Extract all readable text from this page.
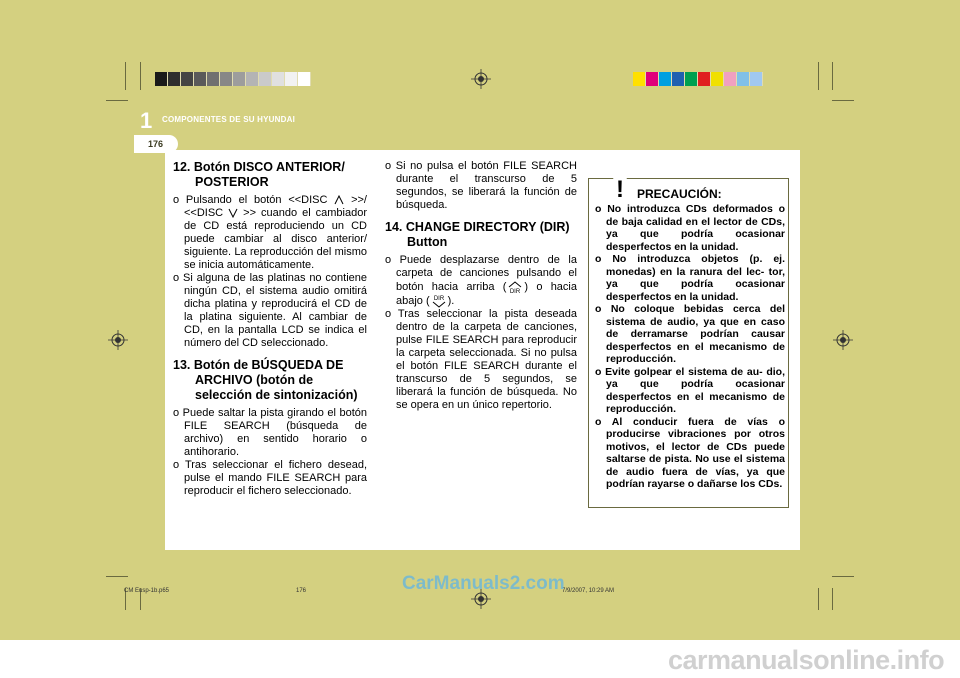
1 COMPONENTES DE SU HYUNDAI
176
12. Botón DISCO ANTERIOR/ POSTERIOR
o Pulsando el botón <<DISC >>/ <<DISC >> cuando el cambiador de CD está reproduciendo un CD puede cambiar al disco anterior/ siguiente. La reproducción del mismo se inicia automáticamente.
o Si alguna de las platinas no contiene ningún CD, el sistema audio omitirá dicha platina y reproducirá el CD de la platina siguiente. Al cambiar de CD, en la pantalla LCD se indica el número del CD seleccionado.
13. Botón de BÚSQUEDA DE ARCHIVO (botón de selección de sintonización)
o Puede saltar la pista girando el botón FILE SEARCH (búsqueda de archivo) en sentido horario o antihorario.
o Tras seleccionar el fichero desead, pulse el mando FILE SEARCH para reproducir el fichero seleccionado.
o Si no pulsa el botón FILE SEARCH durante el transcurso de 5 segundos, se liberará la función de búsqueda.
14. CHANGE DIRECTORY (DIR) Button
o Puede desplazarse dentro de la carpeta de canciones pulsando el botón hacia arriba ( DIR ) o hacia abajo ( DIR ).
o Tras seleccionar la pista deseada dentro de la carpeta de canciones, pulse FILE SEARCH para reproducir la carpeta seleccionada. Si no pulsa el botón FILE SEARCH durante el transcurso de 5 segundos, se liberará la función de búsqueda. No se opera en un único repertorio.
! PRECAUCIÓN:
o No introduzca CDs deformados o de baja calidad en el lector de CDs, ya que podría ocasionar desperfectos en la unidad.
o No introduzca objetos (p. ej. monedas) en la ranura del lec- tor, ya que podría ocasionar desperfectos en la unidad.
o No coloque bebidas cerca del sistema de audio, ya que en caso de derramarse podrían causar desperfectos en el mecanismo de reproducción.
o Evite golpear el sistema de au- dio, ya que podría ocasionar desperfectos en el mecanismo de reproducción.
o Al conducir fuera de vías o producirse vibraciones por otros motivos, el lector de CDs puede saltarse de pista. No use el sistema de audio fuera de vías, ya que podrían rayarse o dañarse los CDs.
CM Eusp-1b.p65	176	7/9/2007, 10:29 AM
CarManuals2.com
carmanualsonline.info
